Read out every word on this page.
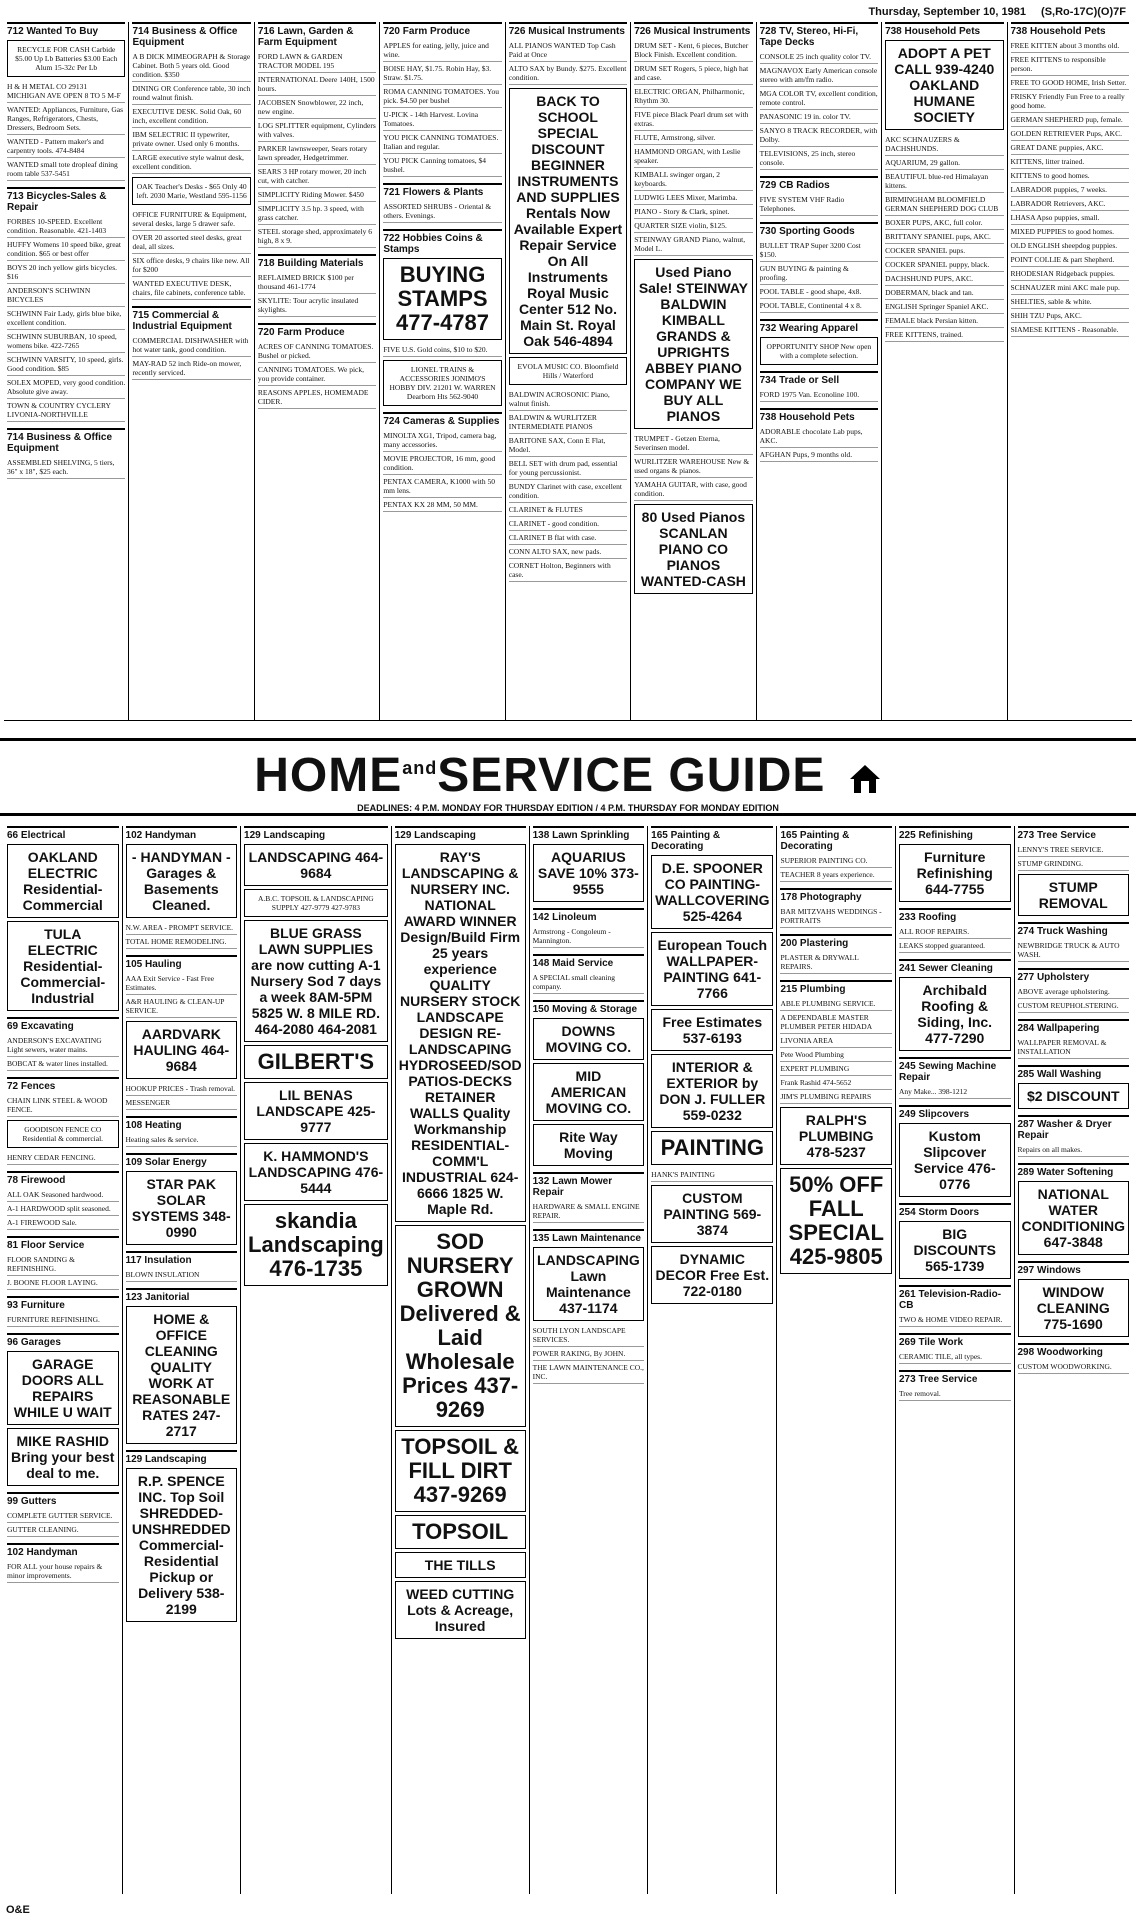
Thursday, September 10, 1981 (S,Ro-17C)(O)7F
712 Wanted To Buy
RECYCLE FOR CASH Carbide $5.00 Up Lb Batteries $3.00 Each Alum 15-32c Per Lb
H & H METAL CO 29131 MICHIGAN AVE OPEN 8 TO 5 M-F
WANTED: Appliances, Furniture, Gas Ranges, Refrigerators, Chests, Dressers, Bedroom Sets.
WANTED - Pattern maker's and carpentry tools. 474-8484
WANTED small tote dropleaf dining room table 537-5451
713 Bicycles-Sales & Repair
FORBES 10-SPEED. Excellent condition. Reasonable. 421-1403
HUFFY Womens 10 speed bike, great condition. $65 or best offer
BOYS 20 inch yellow girls bicycles. $16
ANDERSON'S SCHWINN BICYCLES
SCHWINN Fair Lady, girls blue bike, excellent condition.
SCHWINN SUBURBAN, 10 speed, womens bike. 422-7265
SCHWINN VARSITY, 10 speed, girls. Good condition. $85
SOLEX MOPED, very good condition. Absolute give away.
TOWN & COUNTRY CYCLERY LIVONIA-NORTHVILLE
714 Business & Office Equipment
ASSEMBLED SHELVING, 5 tiers, 36" x 18", $25 each.
714 Business & Office Equipment
A B DICK MIMEOGRAPH & Storage Cabinet. Both 5 years old. Good condition. $350
DINING OR Conference table, 30 inch round walnut finish.
EXECUTIVE DESK. Solid Oak, 60 inch, excellent condition.
IBM SELECTRIC II typewriter, private owner. Used only 6 months.
LARGE executive style walnut desk, excellent condition.
OAK Teacher's Desks - $65 Only 40 left. 2030 Marie, Westland 595-1156
OFFICE FURNITURE & Equipment, several desks, large 5 drawer safe.
OVER 20 assorted steel desks, great deal, all sizes.
SIX office desks, 9 chairs like new. All for $200
WANTED EXECUTIVE DESK, chairs, file cabinets, conference table.
715 Commercial & Industrial Equipment
COMMERCIAL DISHWASHER with hot water tank, good condition.
MAY-RAD 52 inch Ride-on mower, recently serviced.
716 Lawn, Garden & Farm Equipment
FORD LAWN & GARDEN TRACTOR MODEL 195
INTERNATIONAL Deere 140H, 1500 hours.
JACOBSEN Snowblower, 22 inch, new engine.
LOG SPLITTER equipment, Cylinders with valves.
PARKER lawnsweeper, Sears rotary lawn spreader, Hedgetrimmer.
SEARS 3 HP rotary mower, 20 inch cut, with catcher.
SIMPLICITY Riding Mower. $450
SIMPLICITY 3.5 hp. 3 speed, with grass catcher.
STEEL storage shed, approximately 6 high, 8 x 9.
718 Building Materials
REFLAIMED BRICK $100 per thousand 461-1774
SKYLITE: Tour acrylic insulated skylights.
720 Farm Produce
ACRES OF CANNING TOMATOES. Bushel or picked.
CANNING TOMATOES. We pick, you provide container.
REASONS APPLES, HOMEMADE CIDER.
720 Farm Produce
APPLES for eating, jelly, juice and wine.
BOISE HAY, $1.75. Robin Hay, $3. Straw. $1.75.
ROMA CANNING TOMATOES. You pick. $4.50 per bushel
U-PICK - 14th Harvest. Lovina Tomatoes.
YOU PICK CANNING TOMATOES. Italian and regular.
YOU PICK Canning tomatoes, $4 bushel.
721 Flowers & Plants
ASSORTED SHRUBS - Oriental & others. Evenings.
722 Hobbies Coins & Stamps
BUYING STAMPS 477-4787
FIVE U.S. Gold coins, $10 to $20.
LIONEL TRAINS & ACCESSORIES JONIMO'S HOBBY DIV. 21201 W. WARREN Dearborn Hts 562-9040
724 Cameras & Supplies
MINOLTA XG1, Tripod, camera bag, many accessories.
MOVIE PROJECTOR, 16 mm, good condition.
PENTAX CAMERA, K1000 with 50 mm lens.
PENTAX KX 28 MM, 50 MM.
726 Musical Instruments
ALL PIANOS WANTED Top Cash Paid at Once
ALTO SAX by Bundy. $275. Excellent condition.
BACK TO SCHOOL SPECIAL DISCOUNT BEGINNER INSTRUMENTS AND SUPPLIES Rentals Now Available Expert Repair Service On All Instruments Royal Music Center 512 No. Main St. Royal Oak 546-4894
EVOLA MUSIC CO. Bloomfield Hills / Waterford
BALDWIN ACROSONIC Piano, walnut finish.
BALDWIN & WURLITZER INTERMEDIATE PIANOS
BARITONE SAX, Conn E Flat, Model.
BELL SET with drum pad, essential for young percussionist.
BUNDY Clarinet with case, excellent condition.
CLARINET & FLUTES
CLARINET - good condition.
CLARINET B flat with case.
CONN ALTO SAX, new pads.
CORNET Holton, Beginners with case.
726 Musical Instruments
DRUM SET - Kent, 6 pieces, Butcher Block Finish. Excellent condition.
DRUM SET Rogers, 5 piece, high hat and case.
ELECTRIC ORGAN, Philharmonic, Rhythm 30.
FIVE piece Black Pearl drum set with extras.
FLUTE, Armstrong, silver.
HAMMOND ORGAN, with Leslie speaker.
KIMBALL swinger organ, 2 keyboards.
LUDWIG LEES Mixer, Marimba.
PIANO - Story & Clark, spinet.
QUARTER SIZE violin, $125.
STEINWAY GRAND Piano, walnut, Model L.
Used Piano Sale! STEINWAY BALDWIN KIMBALL GRANDS & UPRIGHTS ABBEY PIANO COMPANY WE BUY ALL PIANOS
TRUMPET - Getzen Eterna, Severinsen model.
WURLITZER WAREHOUSE New & used organs & pianos.
YAMAHA GUITAR, with case, good condition.
80 Used Pianos SCANLAN PIANO CO PIANOS WANTED-CASH
728 TV, Stereo, Hi-Fi, Tape Decks
CONSOLE 25 inch quality color TV.
MAGNAVOX Early American console stereo with am/fm radio.
MGA COLOR TV, excellent condition, remote control.
PANASONIC 19 in. color TV.
SANYO 8 TRACK RECORDER, with Dolby.
TELEVISIONS, 25 inch, stereo console.
729 CB Radios
FIVE SYSTEM VHF Radio Telephones.
730 Sporting Goods
BULLET TRAP Super 3200 Cost $150.
GUN BUYING & painting & proofing.
POOL TABLE - good shape, 4x8.
POOL TABLE, Continental 4 x 8.
732 Wearing Apparel
OPPORTUNITY SHOP New open with a complete selection.
734 Trade or Sell
FORD 1975 Van. Econoline 100.
738 Household Pets
ADORABLE chocolate Lab pups, AKC.
AFGHAN Pups, 9 months old.
738 Household Pets
ADOPT A PET CALL 939-4240 OAKLAND HUMANE SOCIETY
AKC SCHNAUZERS & DACHSHUNDS.
AQUARIUM, 29 gallon.
BEAUTIFUL blue-red Himalayan kittens.
BIRMINGHAM BLOOMFIELD GERMAN SHEPHERD DOG CLUB
BOXER PUPS, AKC, full color.
BRITTANY SPANIEL pups, AKC.
COCKER SPANIEL pups.
COCKER SPANIEL puppy, black.
DACHSHUND PUPS, AKC.
DOBERMAN, black and tan.
ENGLISH Springer Spaniel AKC.
FEMALE black Persian kitten.
FREE KITTENS, trained.
738 Household Pets
FREE KITTEN about 3 months old.
FREE KITTENS to responsible person.
FREE TO GOOD HOME, Irish Setter.
FRISKY Friendly Fun Free to a really good home.
GERMAN SHEPHERD pup, female.
GOLDEN RETRIEVER Pups, AKC.
GREAT DANE puppies, AKC.
KITTENS, litter trained.
KITTENS to good homes.
LABRADOR puppies, 7 weeks.
LABRADOR Retrievers, AKC.
LHASA Apso puppies, small.
MIXED PUPPIES to good homes.
OLD ENGLISH sheepdog puppies.
POINT COLLIE & part Shepherd.
RHODESIAN Ridgeback puppies.
SCHNAUZER mini AKC male pup.
SHELTIES, sable & white.
SHIH TZU Pups, AKC.
SIAMESE KITTENS - Reasonable.
$HOME^{and}SERVICE$ GUIDE
DEADLINES: 4 P.M. MONDAY FOR THURSDAY EDITION / 4 P.M. THURSDAY FOR MONDAY EDITION
66 Electrical
OAKLAND ELECTRIC Residential-Commercial
TULA ELECTRIC Residential-Commercial-Industrial
69 Excavating
ANDERSON'S EXCAVATING Light sewers, water mains.
BOBCAT & water lines installed.
72 Fences
CHAIN LINK STEEL & WOOD FENCE.
GOODISON FENCE CO Residential & commercial.
HENRY CEDAR FENCING.
78 Firewood
ALL OAK Seasoned hardwood.
A-1 HARDWOOD split seasoned.
A-1 FIREWOOD Sale.
81 Floor Service
FLOOR SANDING & REFINISHING.
J. BOONE FLOOR LAYING.
93 Furniture
FURNITURE REFINISHING.
96 Garages
GARAGE DOORS ALL REPAIRS WHILE U WAIT
MIKE RASHID Bring your best deal to me.
99 Gutters
COMPLETE GUTTER SERVICE.
GUTTER CLEANING.
102 Handyman
FOR ALL your house repairs & minor improvements.
102 Handyman
- HANDYMAN - Garages & Basements Cleaned.
N.W. AREA - PROMPT SERVICE.
TOTAL HOME REMODELING.
105 Hauling
AAA Exit Service - Fast Free Estimates.
A&R HAULING & CLEAN-UP SERVICE.
AARDVARK HAULING 464-9684
HOOKUP PRICES - Trash removal.
MESSENGER
108 Heating
Heating sales & service.
109 Solar Energy
STAR PAK SOLAR SYSTEMS 348-0990
117 Insulation
BLOWN INSULATION
123 Janitorial
HOME & OFFICE CLEANING QUALITY WORK AT REASONABLE RATES 247-2717
129 Landscaping
R.P. SPENCE INC. Top Soil SHREDDED-UNSHREDDED Commercial-Residential Pickup or Delivery 538-2199
129 Landscaping
LANDSCAPING 464-9684
A.B.C. TOPSOIL & LANDSCAPING SUPPLY 427-9779 427-9783
BLUE GRASS LAWN SUPPLIES are now cutting A-1 Nursery Sod 7 days a week 8AM-5PM 5825 W. 8 MILE RD. 464-2080 464-2081
GILBERT'S
LIL BENAS LANDSCAPE 425-9777
K. HAMMOND'S LANDSCAPING 476-5444
skandia Landscaping 476-1735
129 Landscaping
RAY'S LANDSCAPING & NURSERY INC. NATIONAL AWARD WINNER Design/Build Firm 25 years experience QUALITY NURSERY STOCK LANDSCAPE DESIGN RE-LANDSCAPING HYDROSEED/SOD PATIOS-DECKS RETAINER WALLS Quality Workmanship RESIDENTIAL-COMM'L INDUSTRIAL 624-6666 1825 W. Maple Rd.
SOD NURSERY GROWN Delivered & Laid Wholesale Prices 437-9269
TOPSOIL & FILL DIRT 437-9269
TOPSOIL
THE TILLS
WEED CUTTING Lots & Acreage, Insured
138 Lawn Sprinkling
AQUARIUS SAVE 10% 373-9555
142 Linoleum
Armstrong - Congoleum - Mannington.
148 Maid Service
A SPECIAL small cleaning company.
150 Moving & Storage
DOWNS MOVING CO.
MID AMERICAN MOVING CO.
Rite Way Moving
132 Lawn Mower Repair
HARDWARE & SMALL ENGINE REPAIR.
135 Lawn Maintenance
LANDSCAPING Lawn Maintenance 437-1174
SOUTH LYON LANDSCAPE SERVICES.
POWER RAKING, By JOHN.
THE LAWN MAINTENANCE CO., INC.
165 Painting & Decorating
D.E. SPOONER CO PAINTING-WALLCOVERING 525-4264
European Touch WALLPAPER-PAINTING 641-7766
Free Estimates 537-6193
INTERIOR & EXTERIOR by DON J. FULLER 559-0232
PAINTING
HANK'S PAINTING
CUSTOM PAINTING 569-3874
DYNAMIC DECOR Free Est. 722-0180
165 Painting & Decorating
SUPERIOR PAINTING CO.
TEACHER 8 years experience.
178 Photography
BAR MITZVAHS WEDDINGS - PORTRAITS
200 Plastering
PLASTER & DRYWALL REPAIRS.
215 Plumbing
ABLE PLUMBING SERVICE.
A DEPENDABLE MASTER PLUMBER PETER HIDADA
LIVONIA AREA
Pete Wood Plumbing
EXPERT PLUMBING
Frank Rashid 474-5652
JIM'S PLUMBING REPAIRS
RALPH'S PLUMBING 478-5237
50% OFF FALL SPECIAL 425-9805
225 Refinishing
Furniture Refinishing 644-7755
233 Roofing
ALL ROOF REPAIRS.
LEAKS stopped guaranteed.
241 Sewer Cleaning
Archibald Roofing & Siding, Inc. 477-7290
245 Sewing Machine Repair
Any Make... 398-1212
249 Slipcovers
Kustom Slipcover Service 476-0776
254 Storm Doors
BIG DISCOUNTS 565-1739
261 Television-Radio-CB
TWO & HOME VIDEO REPAIR.
269 Tile Work
CERAMIC TILE, all types.
273 Tree Service
Tree removal.
273 Tree Service
LENNY'S TREE SERVICE.
STUMP GRINDING.
STUMP REMOVAL
274 Truck Washing
NEWBRIDGE TRUCK & AUTO WASH.
277 Upholstery
ABOVE average upholstering.
CUSTOM REUPHOLSTERING.
284 Wallpapering
WALLPAPER REMOVAL & INSTALLATION
285 Wall Washing
$2 DISCOUNT
287 Washer & Dryer Repair
Repairs on all makes.
289 Water Softening
NATIONAL WATER CONDITIONING 647-3848
297 Windows
WINDOW CLEANING 775-1690
298 Woodworking
CUSTOM WOODWORKING.
O&E
